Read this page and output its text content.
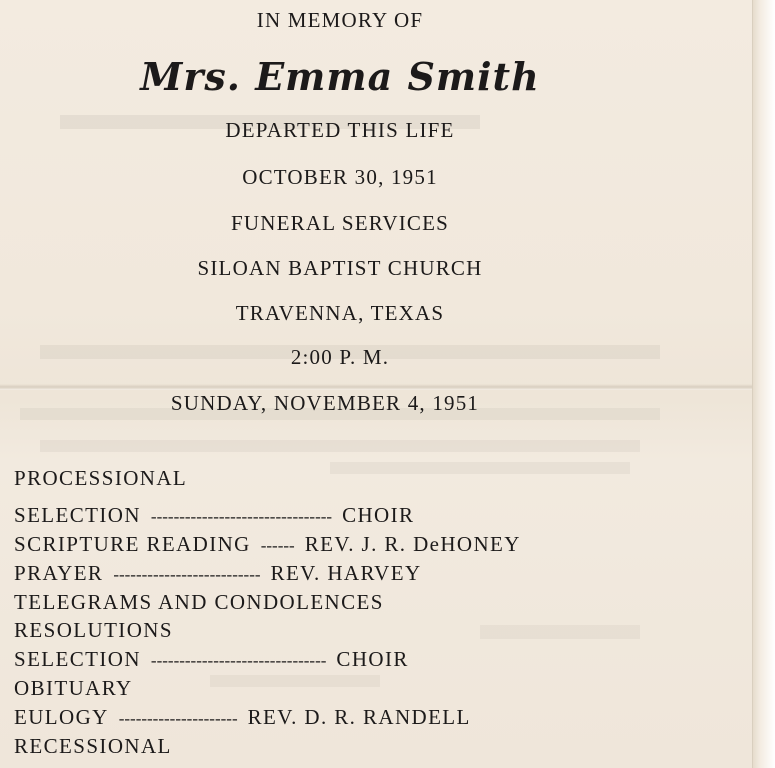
IN MEMORY OF
Mrs. Emma Smith
DEPARTED THIS LIFE
OCTOBER 30, 1951
FUNERAL SERVICES
SILOAN BAPTIST CHURCH
TRAVENNA, TEXAS
2:00 P. M.
SUNDAY, NOVEMBER 4, 1951
PROCESSIONAL
SELECTION -------------------------------- CHOIR
SCRIPTURE READING ------ REV. J. R. DeHONEY
PRAYER -------------------------- REV. HARVEY
TELEGRAMS AND CONDOLENCES
RESOLUTIONS
SELECTION ------------------------------- CHOIR
OBITUARY
EULOGY --------------------- REV. D. R. RANDELL
RECESSIONAL
